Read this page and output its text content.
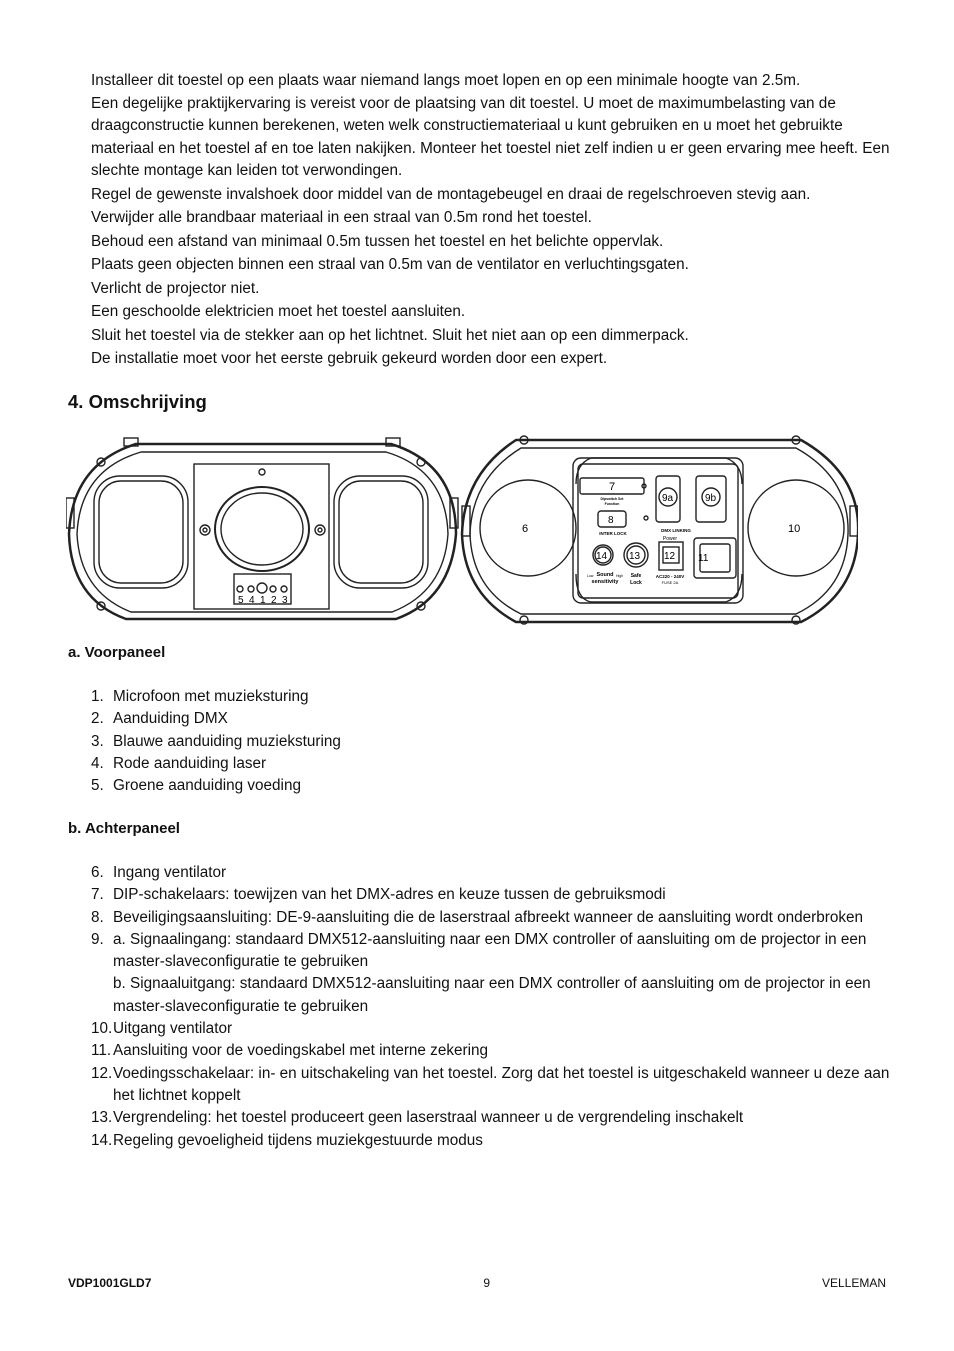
Installeer dit toestel op een plaats waar niemand langs moet lopen en op een minimale hoogte van 2.5m.

Een degelijke praktijkervaring is vereist voor de plaatsing van dit toestel. U moet de maximumbelasting van de draagconstructie kunnen berekenen, weten welk constructiemateriaal u kunt gebruiken en u moet het gebruikte materiaal en het toestel af en toe laten nakijken. Monteer het toestel niet zelf indien u er geen ervaring mee heeft. Een slechte montage kan leiden tot verwondingen.

Regel de gewenste invalshoek door middel van de montagebeugel en draai de regelschroeven stevig aan.

Verwijder alle brandbaar materiaal in een straal van 0.5m rond het toestel.

Behoud een afstand van minimaal 0.5m tussen het toestel en het belichte oppervlak.

Plaats geen objecten binnen een straal van 0.5m van de ventilator en verluchtingsgaten.

Verlicht de projector niet.

Een geschoolde elektricien moet het toestel aansluiten.

Sluit het toestel via de stekker aan op het lichtnet. Sluit het niet aan op een dimmerpack.

De installatie moet voor het eerste gebruik gekeurd worden door een expert.

4. Omschrijving
5 4 1 2 3
6	10
7
Dipswitch Set
Function
8
INTER LOCK
9a	9b
DMX LINKING
Power
12 11
14 13
Sound
Low	High
sensitivity
Safe
Lock
AC220 - 240V
FUSE 2A
a. Voorpaneel
1. Microfoon met muzieksturing
2. Aanduiding DMX
3. Blauwe aanduiding muzieksturing
4. Rode aanduiding laser
5. Groene aanduiding voeding
b. Achterpaneel
6. Ingang ventilator
7. DIP-schakelaars: toewijzen van het DMX-adres en keuze tussen de gebruiksmodi
8. Beveiligingsaansluiting: DE-9-aansluiting die de laserstraal afbreekt wanneer de aansluiting wordt onderbroken
9. a. Signaalingang: standaard DMX512-aansluiting naar een DMX controller of aansluiting om de projector in een master-slaveconfiguratie te gebruiken
b. Signaaluitgang: standaard DMX512-aansluiting naar een DMX controller of aansluiting om de projector in een master-slaveconfiguratie te gebruiken
10. Uitgang ventilator
11. Aansluiting voor de voedingskabel met interne zekering
12. Voedingsschakelaar: in- en uitschakeling van het toestel. Zorg dat het toestel is uitgeschakeld wanneer u deze aan het lichtnet koppelt
13. Vergrendeling: het toestel produceert geen laserstraal wanneer u de vergrendeling inschakelt
14. Regeling gevoeligheid tijdens muziekgestuurde modus
VDP1001GLD7	9	VELLEMAN
